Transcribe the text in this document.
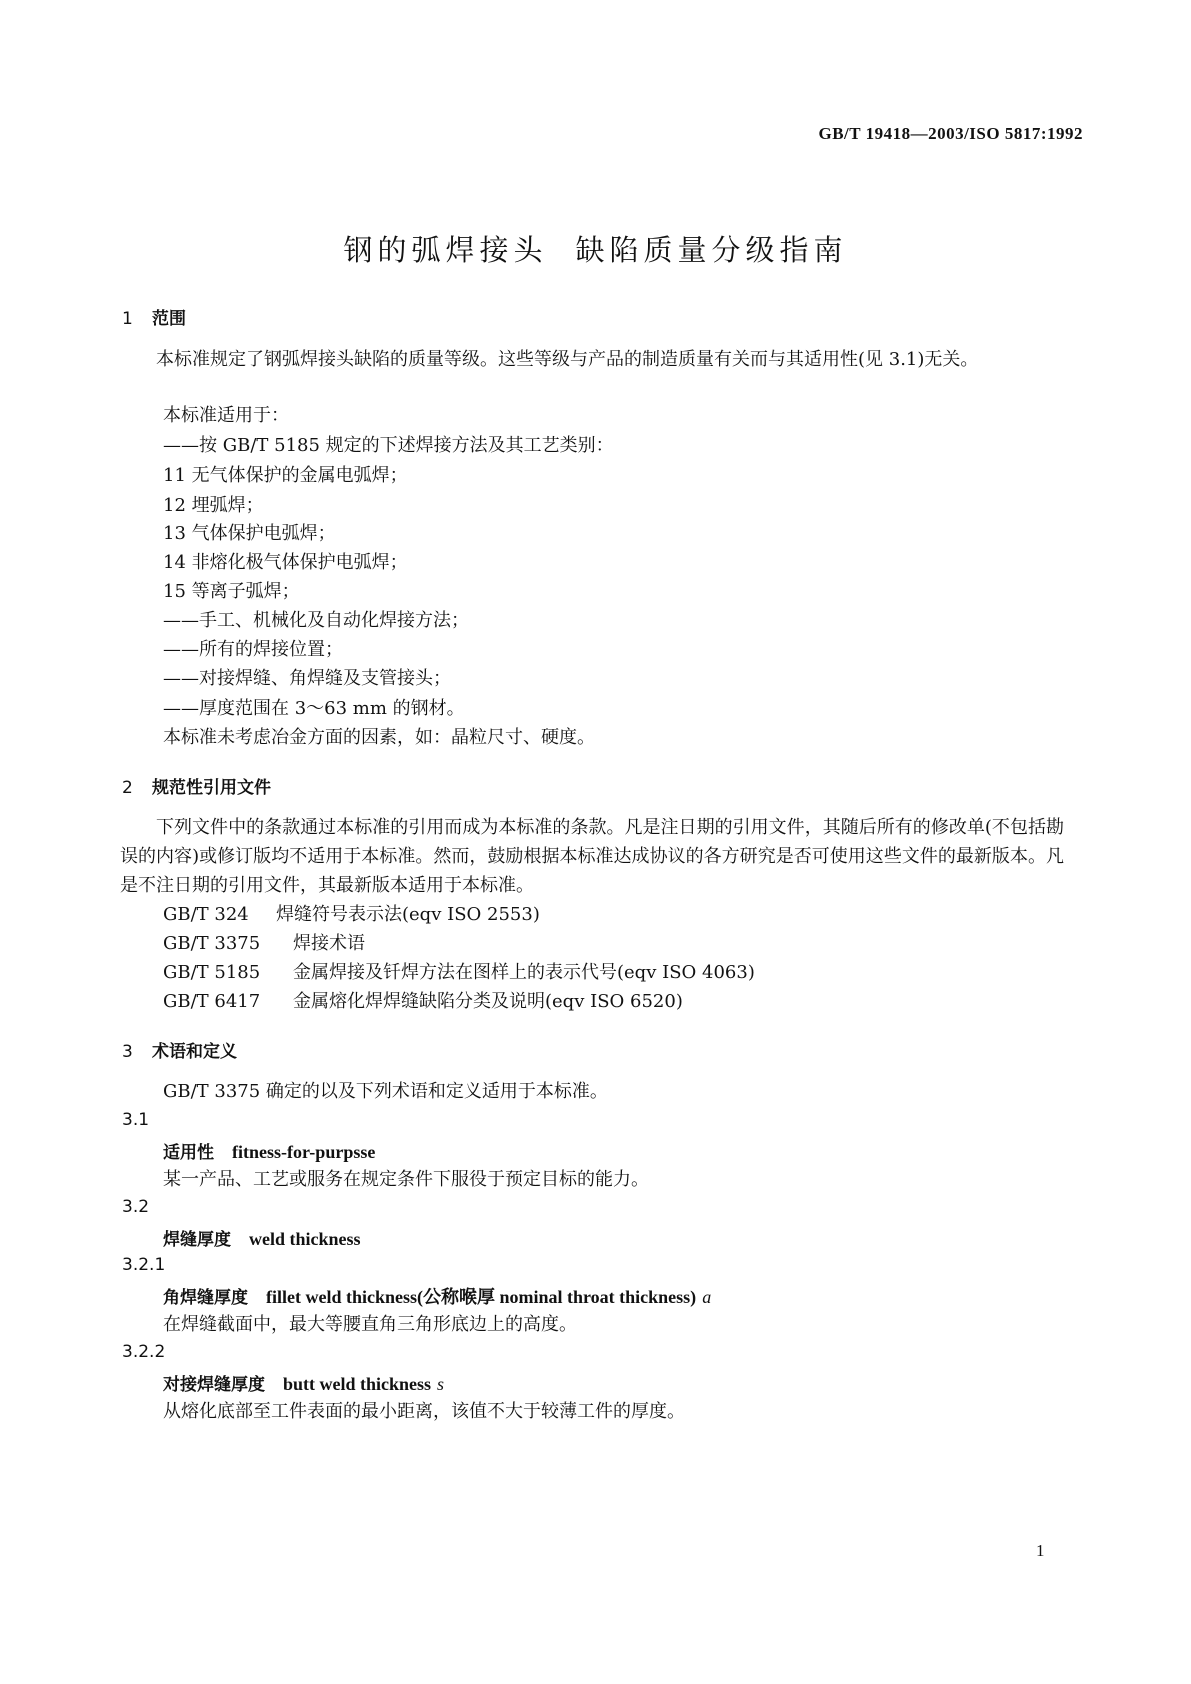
GB/T 19418—2003/ISO 5817:1992
钢的弧焊接头 缺陷质量分级指南
1 范围
本标准规定了钢弧焊接头缺陷的质量等级。这些等级与产品的制造质量有关而与其适用性(见 3.1)无关。
本标准适用于：
——按 GB/T 5185 规定的下述焊接方法及其工艺类别：
11 无气体保护的金属电弧焊；
12 埋弧焊；
13 气体保护电弧焊；
14 非熔化极气体保护电弧焊；
15 等离子弧焊；
——手工、机械化及自动化焊接方法；
——所有的焊接位置；
——对接焊缝、角焊缝及支管接头；
——厚度范围在 3～63 mm 的钢材。
本标准未考虑冶金方面的因素，如：晶粒尺寸、硬度。
2 规范性引用文件
下列文件中的条款通过本标准的引用而成为本标准的条款。凡是注日期的引用文件，其随后所有的修改单(不包括勘误的内容)或修订版均不适用于本标准。然而，鼓励根据本标准达成协议的各方研究是否可使用这些文件的最新版本。凡是不注日期的引用文件，其最新版本适用于本标准。
GB/T 324 焊缝符号表示法(eqv ISO 2553)
GB/T 3375 焊接术语
GB/T 5185 金属焊接及钎焊方法在图样上的表示代号(eqv ISO 4063)
GB/T 6417 金属熔化焊焊缝缺陷分类及说明(eqv ISO 6520)
3 术语和定义
GB/T 3375 确定的以及下列术语和定义适用于本标准。
3.1
适用性 fitness-for-purpsse
某一产品、工艺或服务在规定条件下服役于预定目标的能力。
3.2
焊缝厚度 weld thickness
3.2.1
角焊缝厚度 fillet weld thickness(公称喉厚 nominal throat thickness) a
在焊缝截面中，最大等腰直角三角形底边上的高度。
3.2.2
对接焊缝厚度 butt weld thickness s
从熔化底部至工件表面的最小距离，该值不大于较薄工件的厚度。
1
